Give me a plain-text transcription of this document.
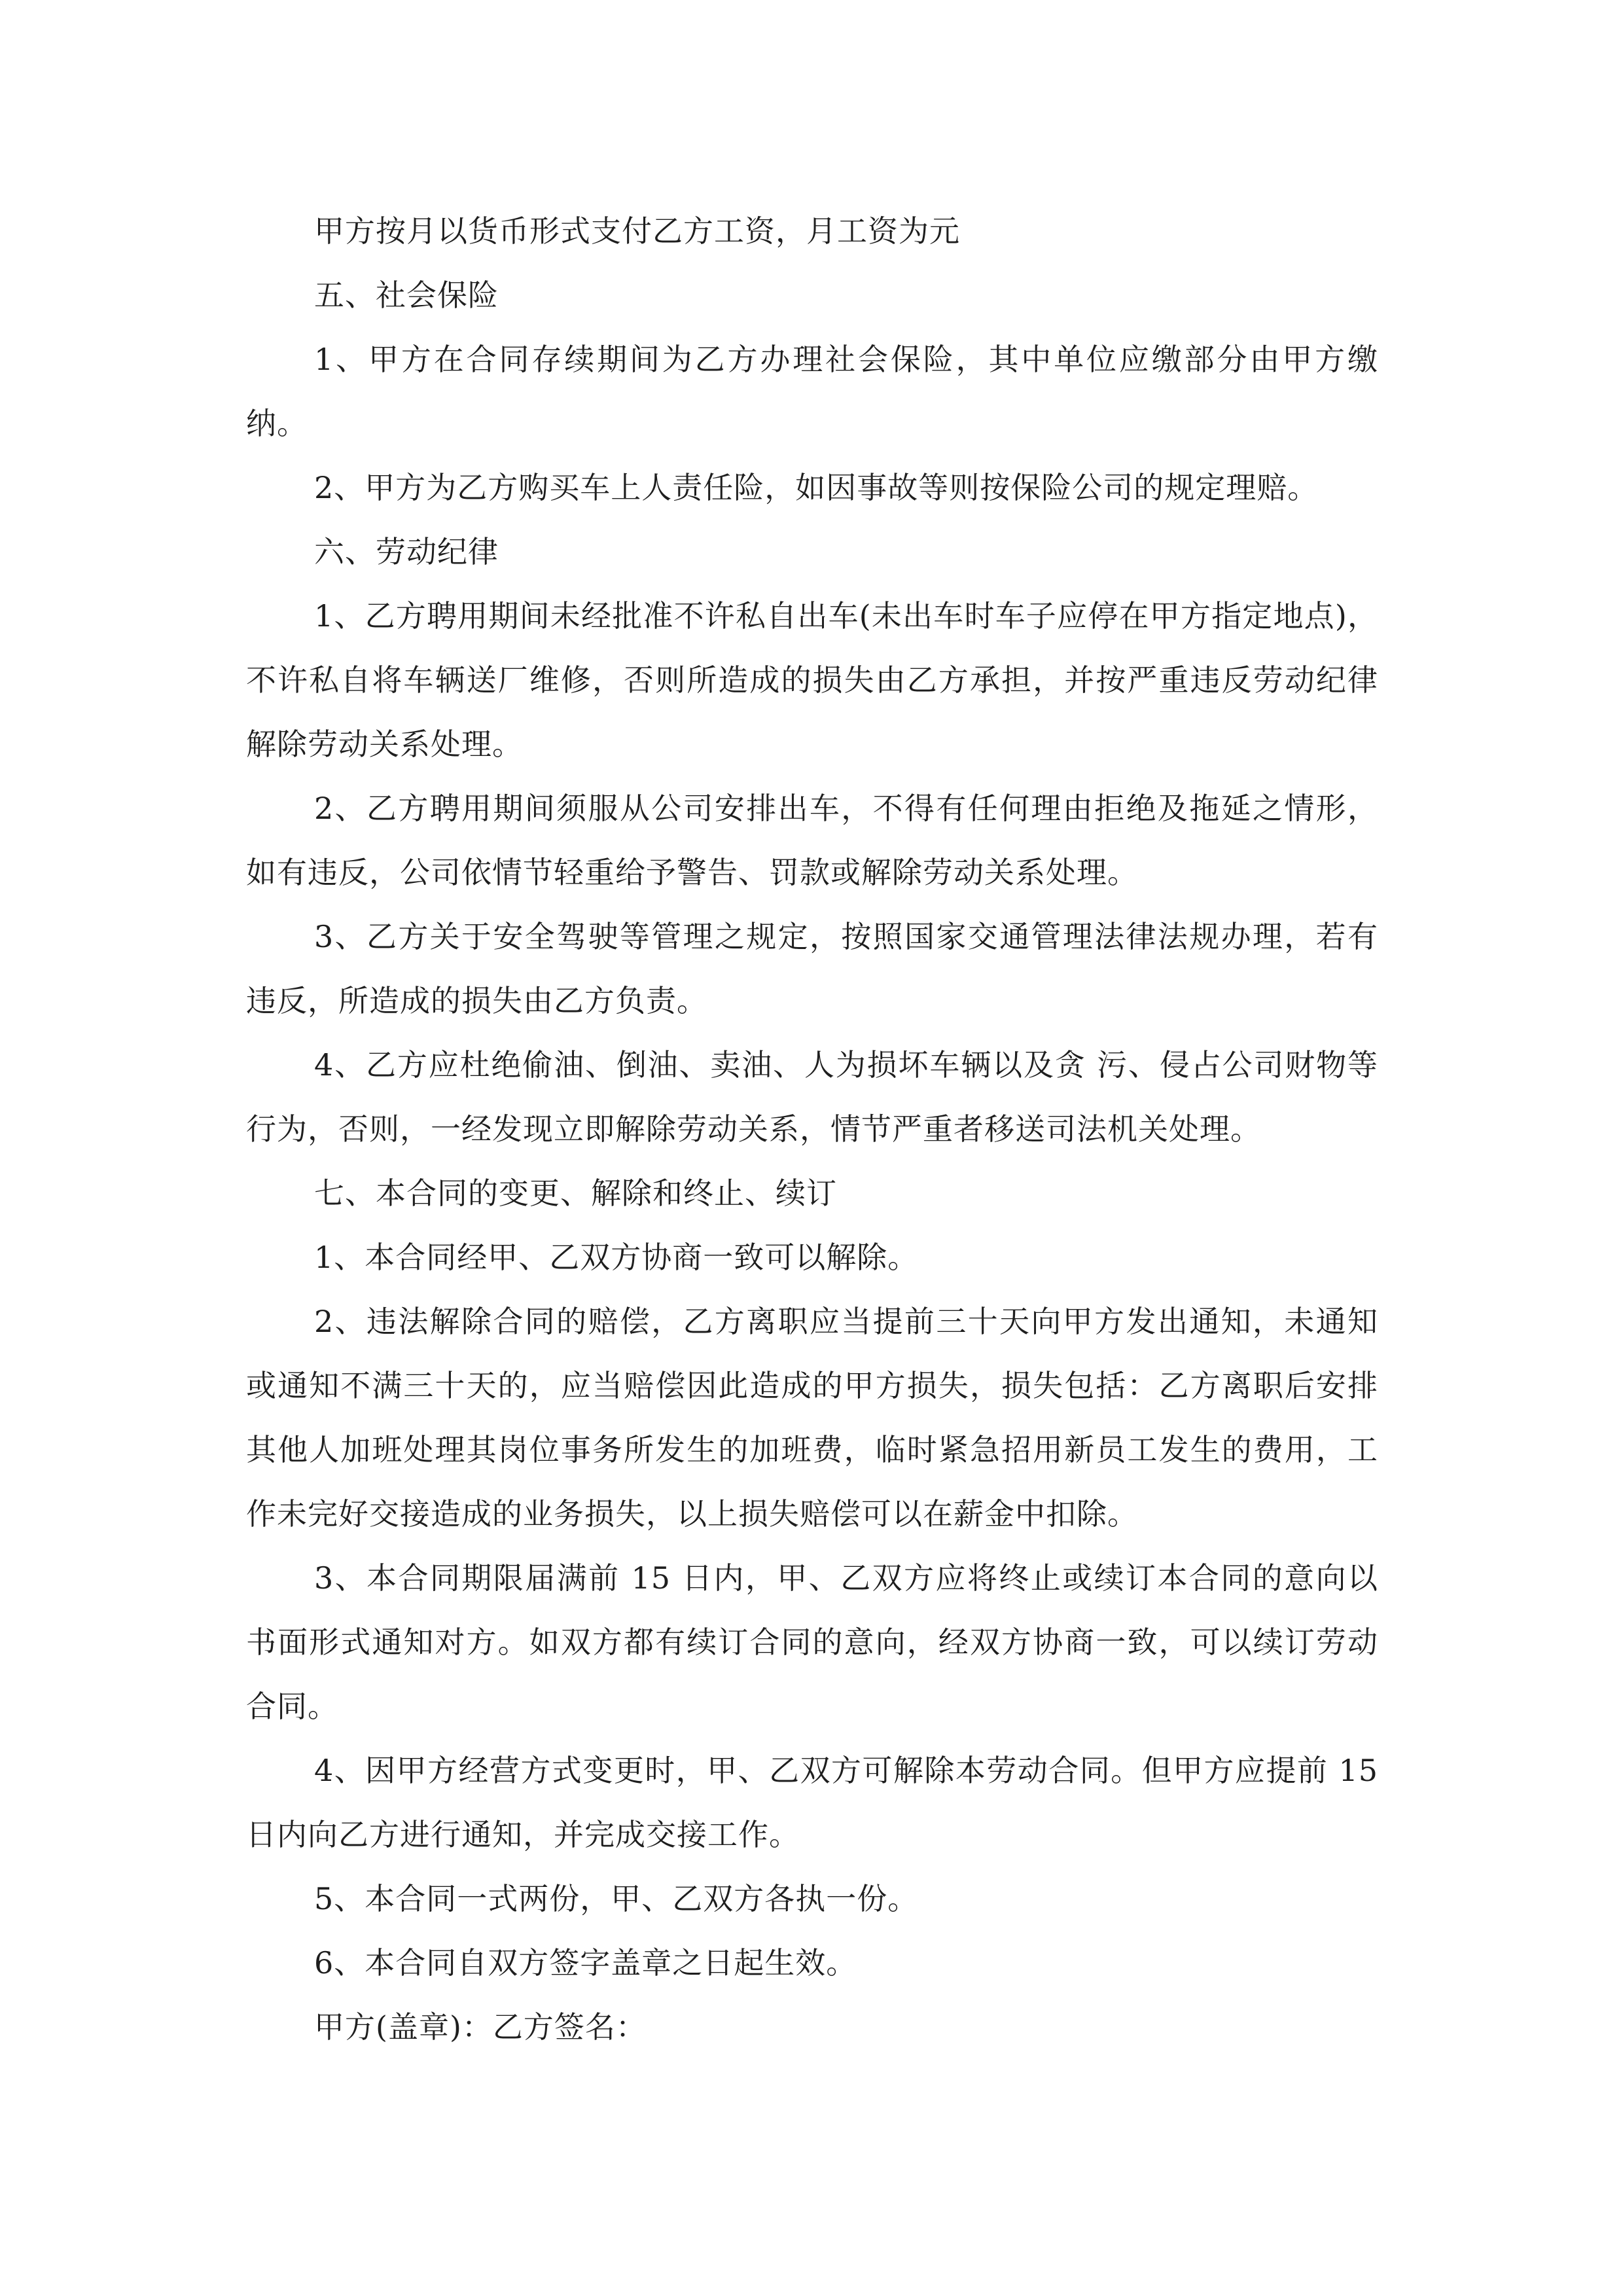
甲方按月以货币形式支付乙方工资，月工资为元

五、社会保险

1、甲方在合同存续期间为乙方办理社会保险，其中单位应缴部分由甲方缴纳。

2、甲方为乙方购买车上人责任险，如因事故等则按保险公司的规定理赔。

六、劳动纪律

1、乙方聘用期间未经批准不许私自出车(未出车时车子应停在甲方指定地点)，不许私自将车辆送厂维修，否则所造成的损失由乙方承担，并按严重违反劳动纪律解除劳动关系处理。

2、乙方聘用期间须服从公司安排出车，不得有任何理由拒绝及拖延之情形，如有违反，公司依情节轻重给予警告、罚款或解除劳动关系处理。

3、乙方关于安全驾驶等管理之规定，按照国家交通管理法律法规办理，若有违反，所造成的损失由乙方负责。

4、乙方应杜绝偷油、倒油、卖油、人为损坏车辆以及贪 污、侵占公司财物等行为，否则，一经发现立即解除劳动关系，情节严重者移送司法机关处理。

七、本合同的变更、解除和终止、续订

1、本合同经甲、乙双方协商一致可以解除。

2、违法解除合同的赔偿，乙方离职应当提前三十天向甲方发出通知，未通知或通知不满三十天的，应当赔偿因此造成的甲方损失，损失包括：乙方离职后安排其他人加班处理其岗位事务所发生的加班费，临时紧急招用新员工发生的费用，工作未完好交接造成的业务损失，以上损失赔偿可以在薪金中扣除。

3、本合同期限届满前 15 日内，甲、乙双方应将终止或续订本合同的意向以书面形式通知对方。如双方都有续订合同的意向，经双方协商一致，可以续订劳动合同。

4、因甲方经营方式变更时，甲、乙双方可解除本劳动合同。但甲方应提前 15 日内向乙方进行通知，并完成交接工作。

5、本合同一式两份，甲、乙双方各执一份。

6、本合同自双方签字盖章之日起生效。

甲方(盖章)：乙方签名：
